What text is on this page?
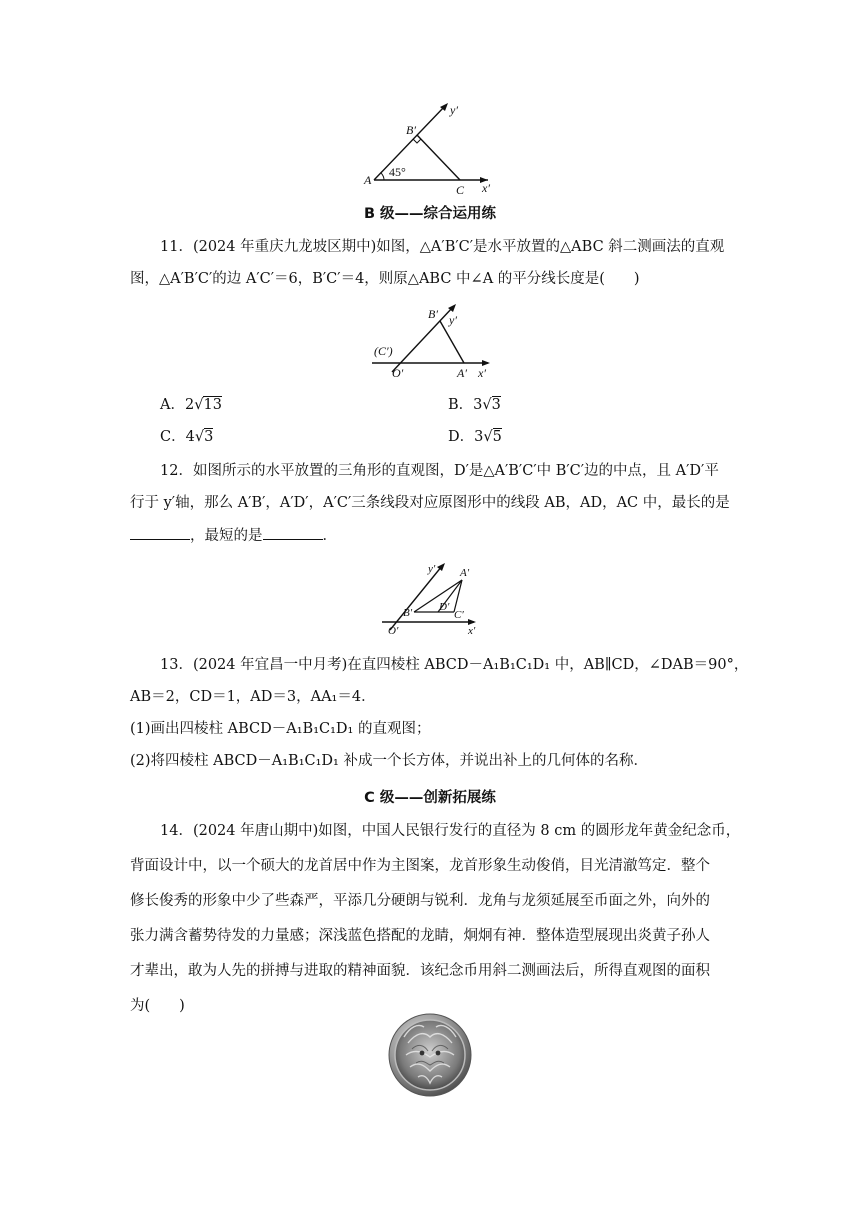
y′
B′
A
45°
C x′
B 级——综合运用练
11．(2024 年重庆九龙坡区期中)如图，△A′B′C′是水平放置的△ABC 斜二测画法的直观
图，△A′B′C′的边 A′C′＝6，B′C′＝4，则原△ABC 中∠A 的平分线长度是(　　)
B′ y′
(C′)
O′	A′ x′
A．2√13	B．3√3
C．4√3	D．3√5
12．如图所示的水平放置的三角形的直观图，D′是△A′B′C′中 B′C′边的中点，且 A′D′平
行于 y′轴，那么 A′B′，A′D′，A′C′三条线段对应原图形中的线段 AB，AD，AC 中，最长的是
，最短的是	．
y′ A′
B′ D′
C′
O′	x′
13．(2024 年宜昌一中月考)在直四棱柱 ABCD－A₁B₁C₁D₁ 中，AB∥CD，∠DAB＝90°，
AB＝2，CD＝1，AD＝3，AA₁＝4．
(1)画出四棱柱 ABCD－A₁B₁C₁D₁ 的直观图；
(2)将四棱柱 ABCD－A₁B₁C₁D₁ 补成一个长方体，并说出补上的几何体的名称．
C 级——创新拓展练
14．(2024 年唐山期中)如图，中国人民银行发行的直径为 8 cm 的圆形龙年黄金纪念币，
背面设计中，以一个硕大的龙首居中作为主图案，龙首形象生动俊俏，目光清澈笃定．整个
修长俊秀的形象中少了些森严，平添几分硬朗与锐利．龙角与龙须延展至币面之外，向外的
张力满含蓄势待发的力量感；深浅蓝色搭配的龙睛，炯炯有神．整体造型展现出炎黄子孙人
才辈出，敢为人先的拼搏与进取的精神面貌．该纪念币用斜二测画法后，所得直观图的面积
为(　　)
